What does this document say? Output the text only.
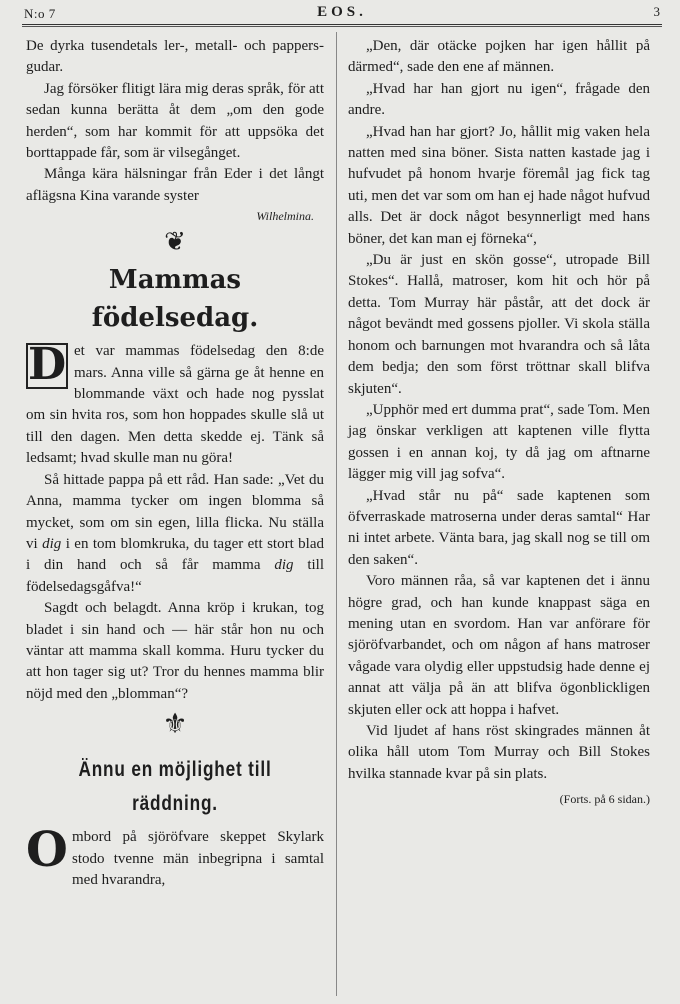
N:o 7	EOS.	3

De dyrka tusendetals ler-, metall- och pappers-gudar.

Jag försöker flitigt lära mig deras språk, för att sedan kunna berätta åt dem „om den gode herden“, som har kommit för att uppsöka det borttappade får, som är vilsegånget.

Många kära hälsningar från Eder i det långt aflägsna Kina varande syster

Wilhelmina.

❦
Mammas födelsedag.

D et var mammas födelsedag den 8:de mars. Anna ville så gärna ge åt henne en blommande växt och hade nog pysslat om sin hvita ros, som hon hoppades skulle slå ut till den dagen. Men detta skedde ej. Tänk så ledsamt; hvad skulle man nu göra!

Så hittade pappa på ett råd. Han sade: „Vet du Anna, mamma tycker om ingen blomma så mycket, som om sin egen, lilla flicka. Nu ställa vi dig i en tom blomkruka, du tager ett stort blad i din hand och så får mamma dig till födelsedagsgåfva!“

Sagdt och belagdt. Anna kröp i krukan, tog bladet i sin hand och — här står hon nu och väntar att mamma skall komma. Huru tycker du att hon tager sig ut? Tror du hennes mamma blir nöjd med den „blomman“?

⚜
Ännu en möjlighet till räddning.

Ombord på sjöröfvare skeppet Skylark stodo tvenne män inbegripna i samtal med hvarandra,

„Den, där otäcke pojken har igen hållit på därmed“, sade den ene af männen.

„Hvad har han gjort nu igen“, frågade den andre.

„Hvad han har gjort? Jo, hållit mig vaken hela natten med sina böner. Sista natten kastade jag i hufvudet på honom hvarje föremål jag fick tag uti, men det var som om han ej hade något hufvud alls. Det är dock något besynnerligt med hans böner, det kan man ej förneka“,

„Du är just en skön gosse“, utropade Bill Stokes“. Hallå, matroser, kom hit och hör på detta. Tom Murray här påstår, att det dock är något bevändt med gossens pjoller. Vi skola ställa honom och barnungen mot hvarandra och så låta dem bedja; den som först tröttnar skall blifva skjuten“.

„Upphör med ert dumma prat“, sade Tom. Men jag önskar verkligen att kaptenen ville flytta gossen i en annan koj, ty då jag om aftnarne lägger mig vill jag sofva“.

„Hvad står nu på“ sade kaptenen som öfverraskade matroserna under deras samtal“ Har ni intet arbete. Vänta bara, jag skall nog se till om den saken“.

Voro männen råa, så var kaptenen det i ännu högre grad, och han kunde knappast säga en mening utan en svordom. Han var anförare för sjöröfvarbandet, och om någon af hans matroser vågade vara olydig eller uppstudsig hade denne ej annat att välja på än att blifva ögonblickligen skjuten eller ock att hoppa i hafvet.

Vid ljudet af hans röst skingrades männen åt olika håll utom Tom Murray och Bill Stokes hvilka stannade kvar på sin plats.

(Forts. på 6 sidan.)
